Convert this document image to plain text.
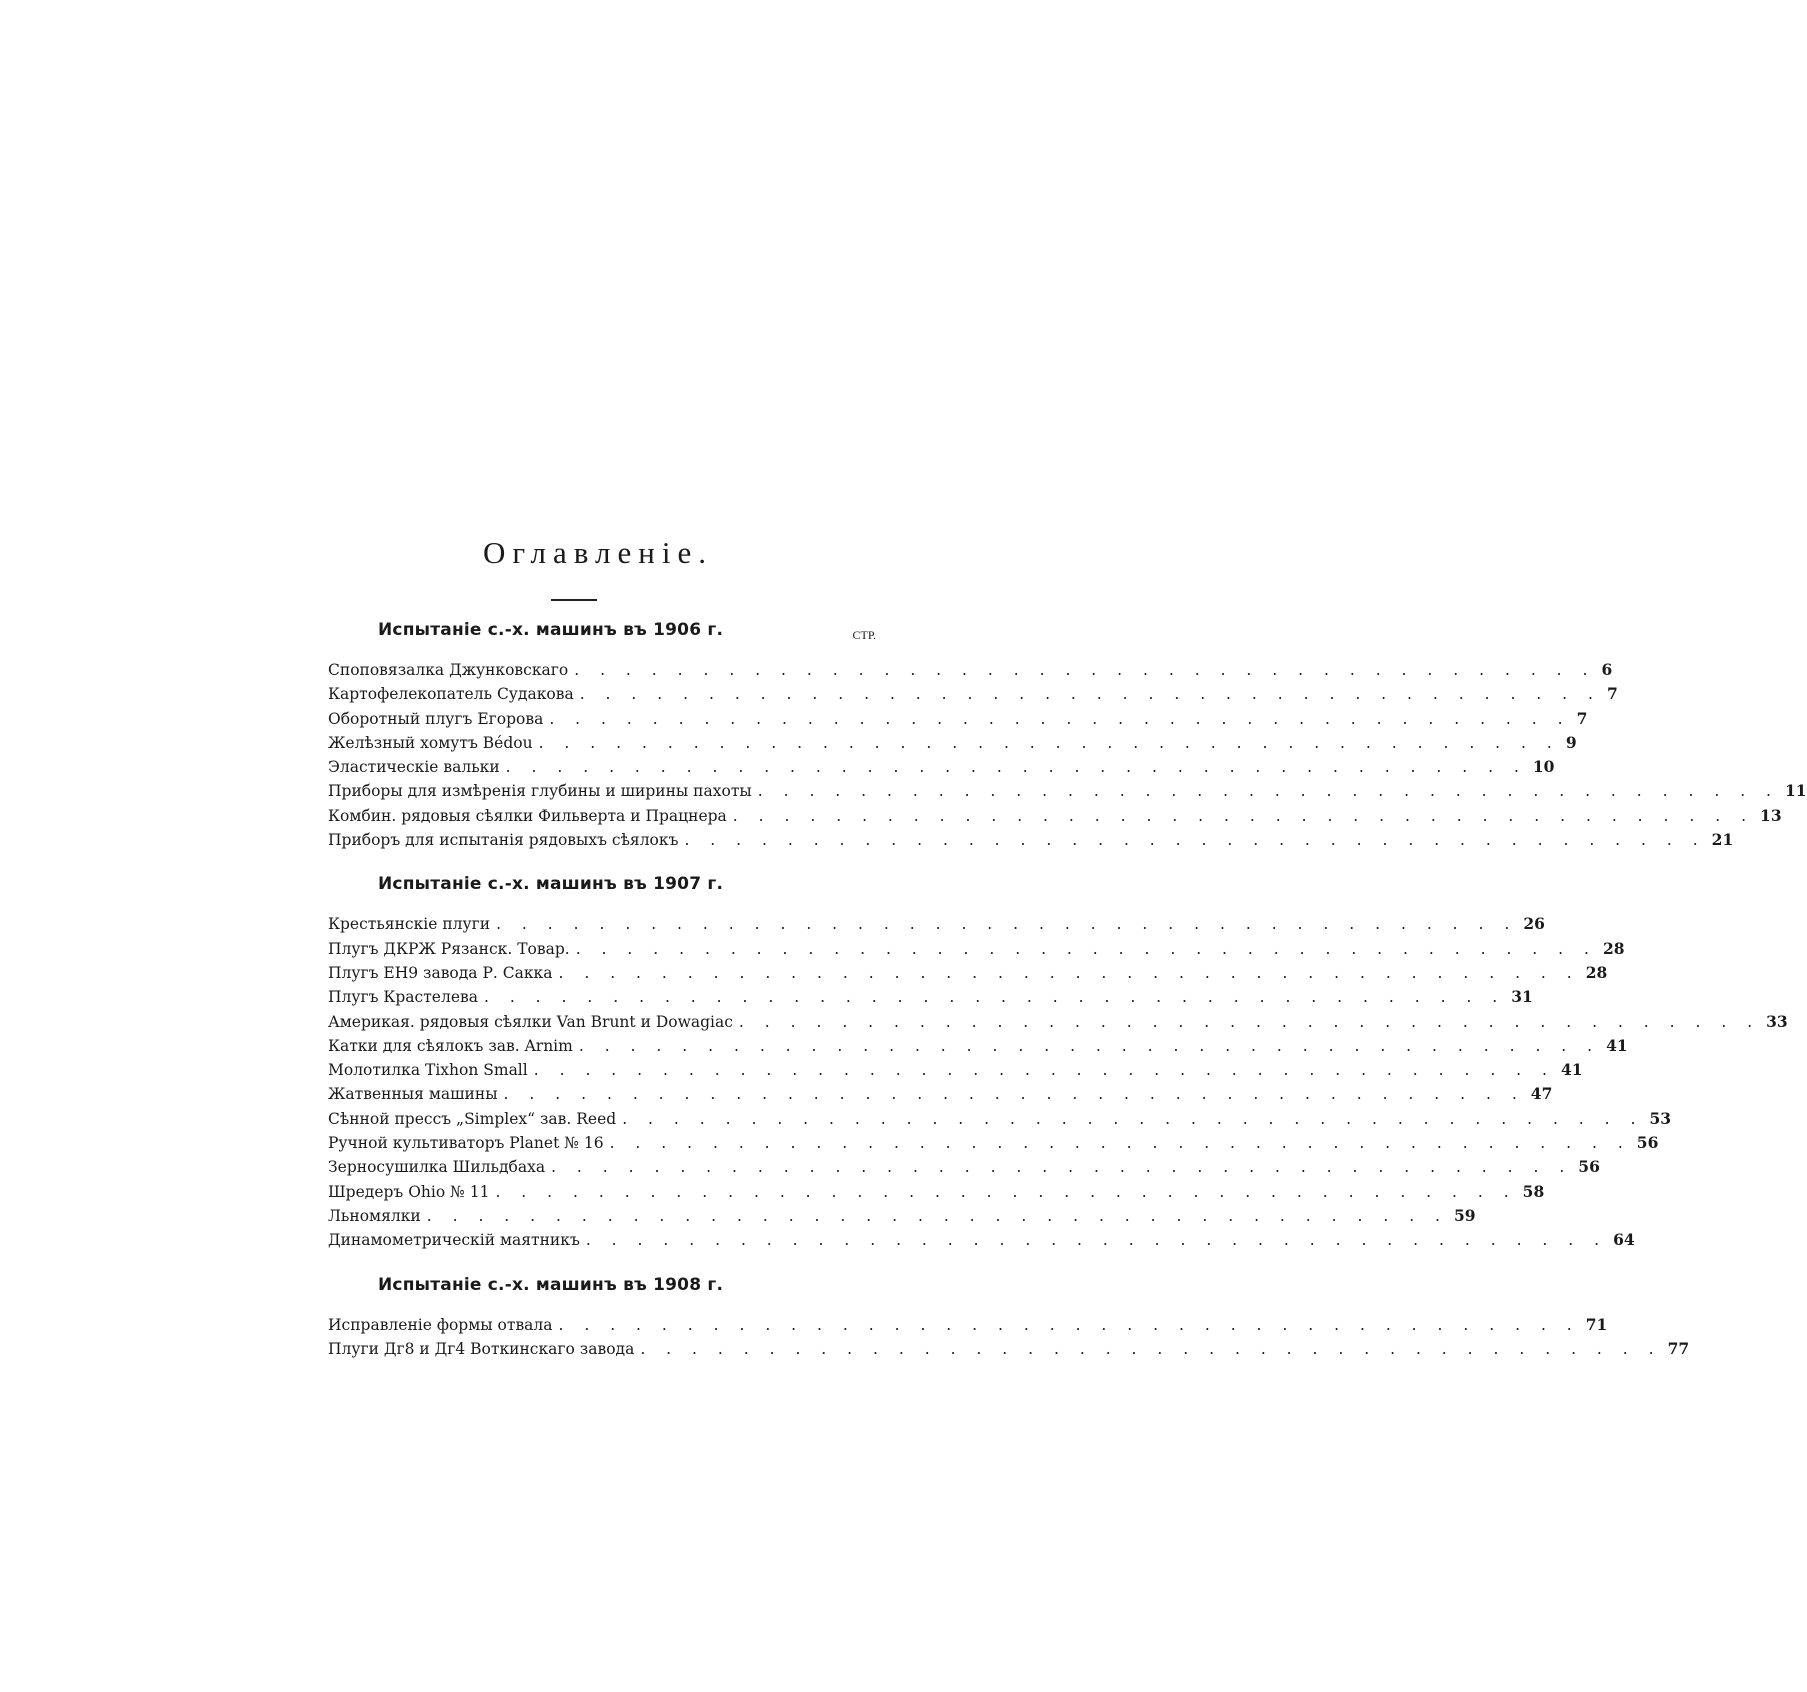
Оглавленіе.
Испытаніе с.-х. машинъ въ 1906 г.	СТР.
Споповязалка Джунковскаго . . . . . . . . . . . . . . . . . . . . . . . . . . . . . . . . . . . . . . . . 6
Картофелекопатель Судакова . . . . . . . . . . . . . . . . . . . . . . . . . . . . . . . . . . . . . . . . 7
Оборотный плугъ Егорова . . . . . . . . . . . . . . . . . . . . . . . . . . . . . . . . . . . . . . . . 7
Желѣзный хомутъ Bédou . . . . . . . . . . . . . . . . . . . . . . . . . . . . . . . . . . . . . . . . 9
Эластическіе вальки . . . . . . . . . . . . . . . . . . . . . . . . . . . . . . . . . . . . . . . . 10
Приборы для измѣренія глубины и ширины пахоты . . . . . . . . . . . . . . . . . . . . . . . . . . . . . . . . . . . . . . . . 11
Комбин. рядовыя сѣялки Фильверта и Працнера . . . . . . . . . . . . . . . . . . . . . . . . . . . . . . . . . . . . . . . . 13
Приборъ для испытанія рядовыхъ сѣялокъ . . . . . . . . . . . . . . . . . . . . . . . . . . . . . . . . . . . . . . . . 21
Испытаніе с.-х. машинъ въ 1907 г.
Крестьянскіе плуги . . . . . . . . . . . . . . . . . . . . . . . . . . . . . . . . . . . . . . . . 26
Плугъ ДКРЖ Рязанск. Товар. . . . . . . . . . . . . . . . . . . . . . . . . . . . . . . . . . . . . . . . . 28
Плугъ EH9 завода Р. Сакка . . . . . . . . . . . . . . . . . . . . . . . . . . . . . . . . . . . . . . . . 28
Плугъ Крастелева . . . . . . . . . . . . . . . . . . . . . . . . . . . . . . . . . . . . . . . . 31
Америкая. рядовыя сѣялки Van Brunt и Dowagiac . . . . . . . . . . . . . . . . . . . . . . . . . . . . . . . . . . . . . . . . 33
Катки для сѣялокъ зав. Arnim . . . . . . . . . . . . . . . . . . . . . . . . . . . . . . . . . . . . . . . . 41
Молотилка Tixhon Small . . . . . . . . . . . . . . . . . . . . . . . . . . . . . . . . . . . . . . . . 41
Жатвенныя машины . . . . . . . . . . . . . . . . . . . . . . . . . . . . . . . . . . . . . . . . 47
Сѣнной прессъ „Simplex“ зав. Reed . . . . . . . . . . . . . . . . . . . . . . . . . . . . . . . . . . . . . . . . 53
Ручной культиваторъ Planet № 16 . . . . . . . . . . . . . . . . . . . . . . . . . . . . . . . . . . . . . . . . 56
Зерносушилка Шильдбаха . . . . . . . . . . . . . . . . . . . . . . . . . . . . . . . . . . . . . . . . 56
Шредеръ Ohio № 11 . . . . . . . . . . . . . . . . . . . . . . . . . . . . . . . . . . . . . . . . 58
Льномялки . . . . . . . . . . . . . . . . . . . . . . . . . . . . . . . . . . . . . . . . 59
Динамометрическій маятникъ . . . . . . . . . . . . . . . . . . . . . . . . . . . . . . . . . . . . . . . . 64
Испытаніе с.-х. машинъ въ 1908 г.
Исправленіе формы отвала . . . . . . . . . . . . . . . . . . . . . . . . . . . . . . . . . . . . . . . . 71
Плуги Дг8 и Дг4 Воткинскаго завода . . . . . . . . . . . . . . . . . . . . . . . . . . . . . . . . . . . . . . . . 77
